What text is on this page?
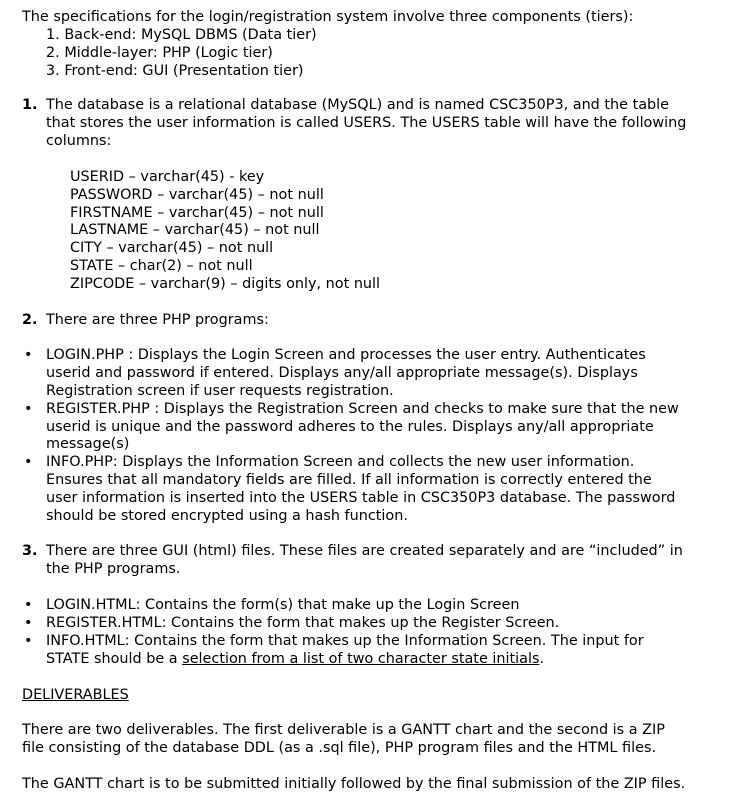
The specifications for the login/registration system involve three components (tiers):
1. Back-end: MySQL DBMS (Data tier)
2. Middle-layer: PHP (Logic tier)
3. Front-end: GUI (Presentation tier)
1. The database is a relational database (MySQL) and is named CSC350P3, and the table
that stores the user information is called USERS. The USERS table will have the following
columns:
USERID – varchar(45) - key
PASSWORD – varchar(45) – not null
FIRSTNAME – varchar(45) – not null
LASTNAME – varchar(45) – not null
CITY – varchar(45) – not null
STATE – char(2) – not null
ZIPCODE – varchar(9) – digits only, not null
2. There are three PHP programs:
• LOGIN.PHP : Displays the Login Screen and processes the user entry. Authenticates
userid and password if entered. Displays any/all appropriate message(s). Displays
Registration screen if user requests registration.
• REGISTER.PHP : Displays the Registration Screen and checks to make sure that the new
userid is unique and the password adheres to the rules. Displays any/all appropriate
message(s)
• INFO.PHP: Displays the Information Screen and collects the new user information.
Ensures that all mandatory fields are filled. If all information is correctly entered the
user information is inserted into the USERS table in CSC350P3 database. The password
should be stored encrypted using a hash function.
3. There are three GUI (html) files. These files are created separately and are “included” in
the PHP programs.
• LOGIN.HTML: Contains the form(s) that make up the Login Screen
• REGISTER.HTML: Contains the form that makes up the Register Screen.
• INFO.HTML: Contains the form that makes up the Information Screen. The input for
STATE should be a selection from a list of two character state initials.
DELIVERABLES
There are two deliverables. The first deliverable is a GANTT chart and the second is a ZIP
file consisting of the database DDL (as a .sql file), PHP program files and the HTML files.
The GANTT chart is to be submitted initially followed by the final submission of the ZIP files.
